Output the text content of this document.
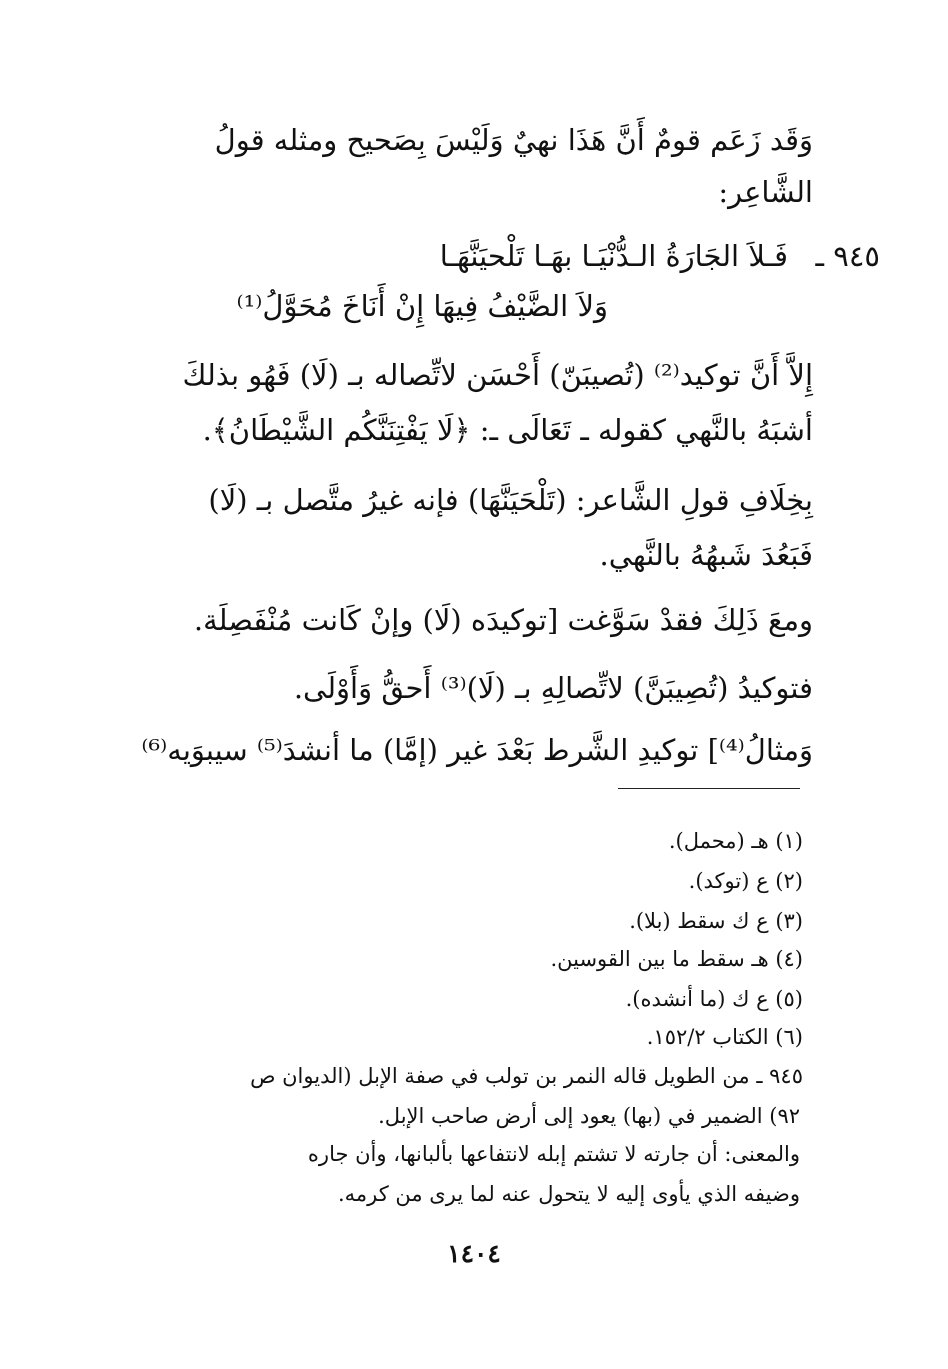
وَقَد زَعَم قومٌ أَنَّ هَذَا نهيٌ وَلَيْسَ بِصَحيح ومثله قولُ
الشَّاعِر:
٩٤٥ ـ
فَـلاَ الجَارَةُ الـدُّنْيَـا بهَـا تَلْحيَنَّهَـا
وَلاَ الضَّيْفُ فِيهَا إِنْ أَنَاخَ مُحَوَّلُ⁽¹⁾
إِلاَّ أَنَّ توكيد⁽²⁾ (تُصيبَنّ) أَحْسَن لاتِّصاله بـ (لَا) فَهُو بذلكَ
أشبَهُ بالنَّهي كقوله ـ تَعَالَى ـ: ﴿لَا يَفْتِنَنَّكُم الشَّيْطَانُ﴾.
بِخِلَافِ قولِ الشَّاعر: (تَلْحَيَنَّهَا) فإنه غيرُ متَّصل بـ (لَا)
فَبَعُدَ شَبهُهُ بالنَّهي.
ومعَ ذَلِكَ فقدْ سَوَّغت [توكيدَه (لَا) وإنْ كَانت مُنْفَصِلَة.
فتوكيدُ (تُصِيبَنَّ) لاتِّصالِهِ بـ (لَا)⁽³⁾ أَحقُّ وَأَوْلَى.
وَمثالُ⁽⁴⁾] توكيدِ الشَّرط بَعْدَ غير (إمَّا) ما أنشدَ⁽⁵⁾ سيبوَيه⁽⁶⁾
(١) هـ (محمل).
(٢) ع (توكد).
(٣) ع ك سقط (بلا).
(٤) هـ سقط ما بين القوسين.
(٥) ع ك (ما أنشده).
(٦) الكتاب ١٥٢/٢.
٩٤٥ ـ من الطويل قاله النمر بن تولب في صفة الإبل (الديوان ص
٩٢) الضمير في (بها) يعود إلى أرض صاحب الإبل.
والمعنى: أن جارته لا تشتم إبله لانتفاعها بألبانها، وأن جاره
وضيفه الذي يأوى إليه لا يتحول عنه لما يرى من كرمه.
١٤٠٤
